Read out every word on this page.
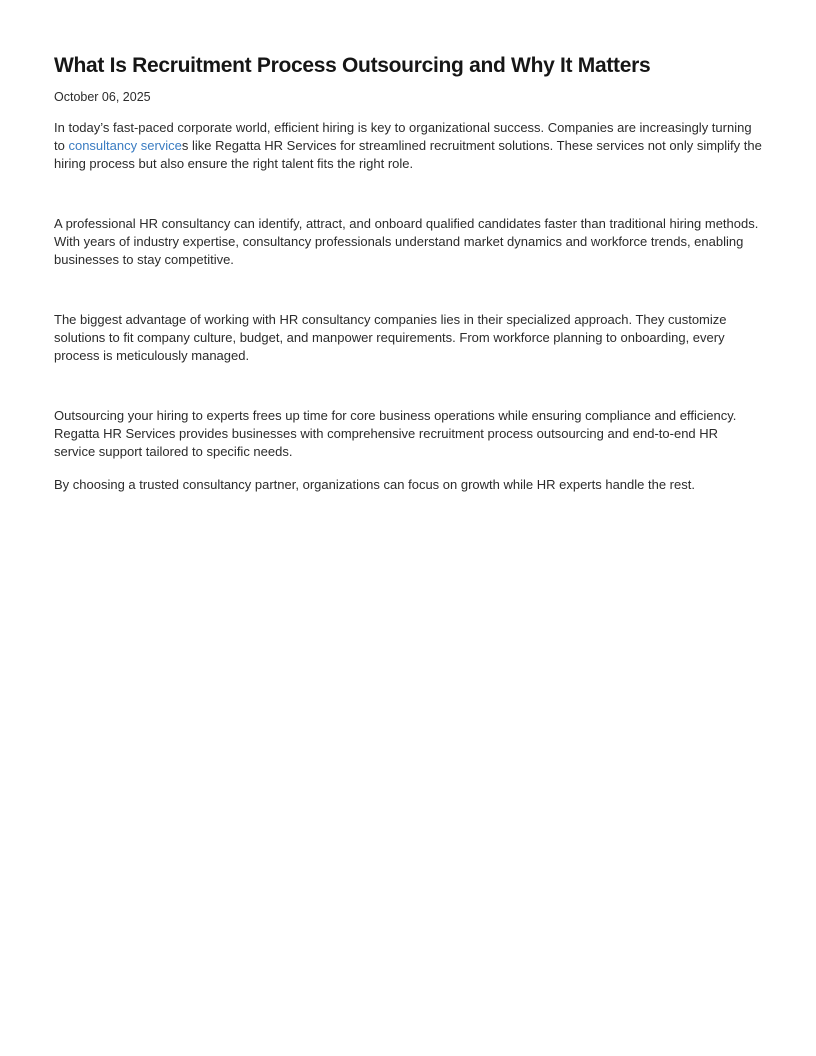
What Is Recruitment Process Outsourcing and Why It Matters
October 06, 2025

In today’s fast-paced corporate world, efficient hiring is key to organizational success. Companies are increasingly turning to consultancy services like Regatta HR Services for streamlined recruitment solutions. These services not only simplify the hiring process but also ensure the right talent fits the right role.

A professional HR consultancy can identify, attract, and onboard qualified candidates faster than traditional hiring methods. With years of industry expertise, consultancy professionals understand market dynamics and workforce trends, enabling businesses to stay competitive.

The biggest advantage of working with HR consultancy companies lies in their specialized approach. They customize solutions to fit company culture, budget, and manpower requirements. From workforce planning to onboarding, every process is meticulously managed.

Outsourcing your hiring to experts frees up time for core business operations while ensuring compliance and efficiency. Regatta HR Services provides businesses with comprehensive recruitment process outsourcing and end-to-end HR service support tailored to specific needs.

By choosing a trusted consultancy partner, organizations can focus on growth while HR experts handle the rest.
